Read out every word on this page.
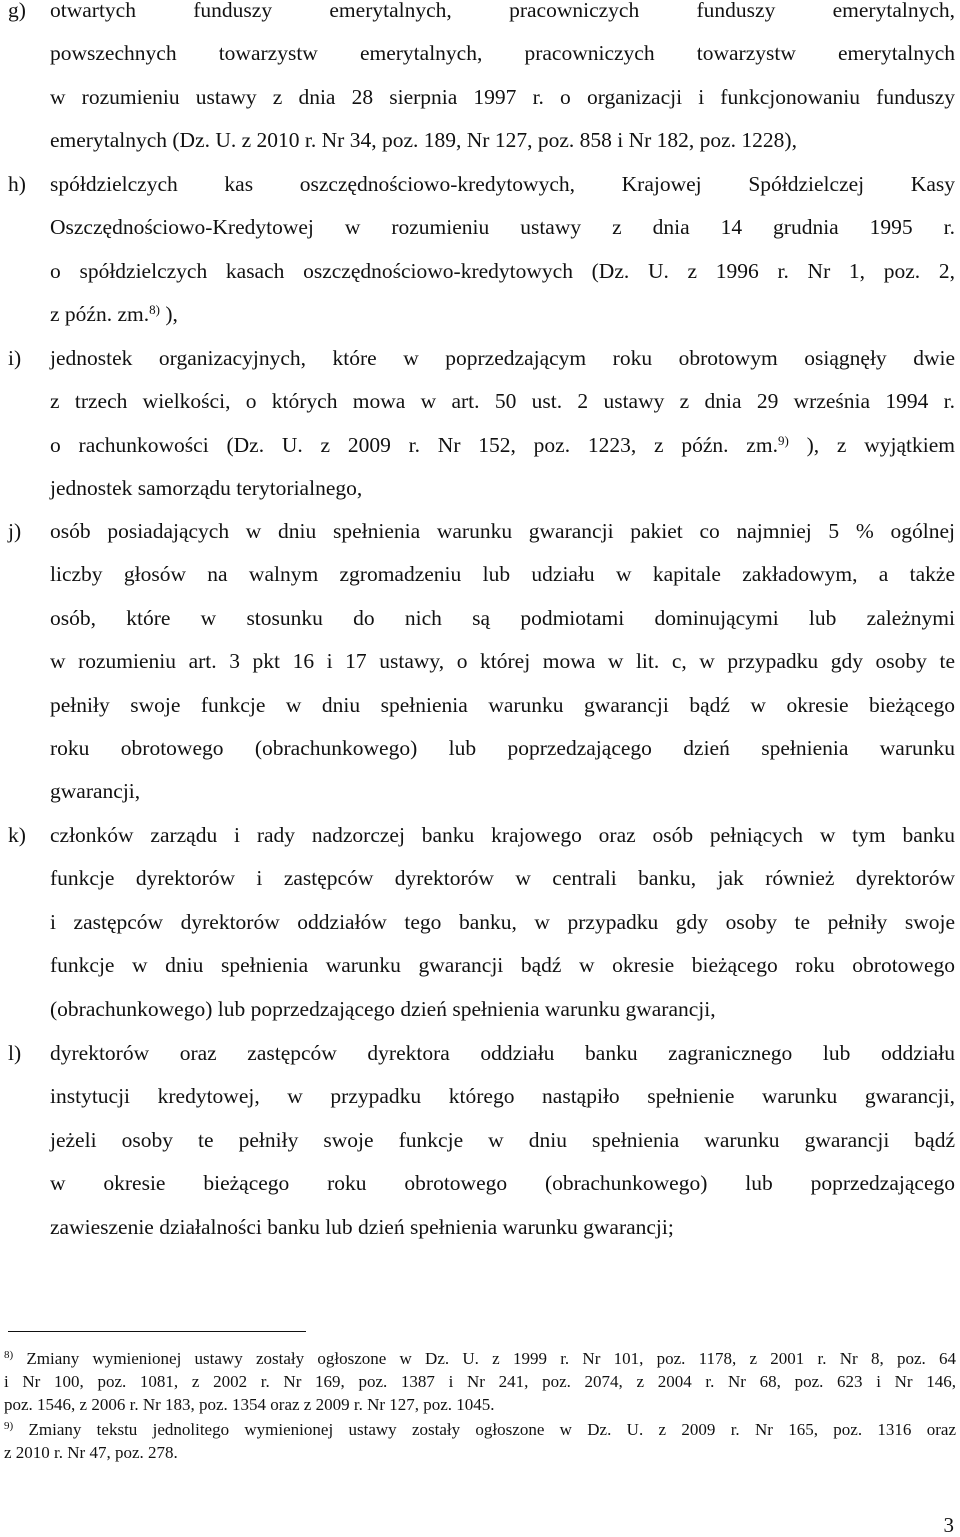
g) otwartych funduszy emerytalnych, pracowniczych funduszy emerytalnych,
powszechnych towarzystw emerytalnych, pracowniczych towarzystw emerytalnych
w rozumieniu ustawy z dnia 28 sierpnia 1997 r. o organizacji i funkcjonowaniu funduszy
emerytalnych (Dz. U. z 2010 r. Nr 34, poz. 189, Nr 127, poz. 858 i Nr 182, poz. 1228),
h) spółdzielczych kas oszczędnościowo-kredytowych, Krajowej Spółdzielczej Kasy
Oszczędnościowo-Kredytowej w rozumieniu ustawy z dnia 14 grudnia 1995 r.
o spółdzielczych kasach oszczędnościowo-kredytowych (Dz. U. z 1996 r. Nr 1, poz. 2,
z późn. zm.$^{8)}$ ),
i) jednostek organizacyjnych, które w poprzedzającym roku obrotowym osiągnęły dwie
z trzech wielkości, o których mowa w art. 50 ust. 2 ustawy z dnia 29 września 1994 r.
o rachunkowości (Dz. U. z 2009 r. Nr 152, poz. 1223, z późn. zm.$^{9)}$ ), z wyjątkiem
jednostek samorządu terytorialnego,
j) osób posiadających w dniu spełnienia warunku gwarancji pakiet co najmniej 5 % ogólnej
liczby głosów na walnym zgromadzeniu lub udziału w kapitale zakładowym, a także
osób, które w stosunku do nich są podmiotami dominującymi lub zależnymi
w rozumieniu art. 3 pkt 16 i 17 ustawy, o której mowa w lit. c, w przypadku gdy osoby te
pełniły swoje funkcje w dniu spełnienia warunku gwarancji bądź w okresie bieżącego
roku obrotowego (obrachunkowego) lub poprzedzającego dzień spełnienia warunku
gwarancji,
k) członków zarządu i rady nadzorczej banku krajowego oraz osób pełniących w tym banku
funkcje dyrektorów i zastępców dyrektorów w centrali banku, jak również dyrektorów
i zastępców dyrektorów oddziałów tego banku, w przypadku gdy osoby te pełniły swoje
funkcje w dniu spełnienia warunku gwarancji bądź w okresie bieżącego roku obrotowego
(obrachunkowego) lub poprzedzającego dzień spełnienia warunku gwarancji,
l) dyrektorów oraz zastępców dyrektora oddziału banku zagranicznego lub oddziału
instytucji kredytowej, w przypadku którego nastąpiło spełnienie warunku gwarancji,
jeżeli osoby te pełniły swoje funkcje w dniu spełnienia warunku gwarancji bądź
w okresie bieżącego roku obrotowego (obrachunkowego) lub poprzedzającego
zawieszenie działalności banku lub dzień spełnienia warunku gwarancji;
$^{8)}$ Zmiany wymienionej ustawy zostały ogłoszone w Dz. U. z 1999 r. Nr 101, poz. 1178, z 2001 r. Nr 8, poz. 64
i Nr 100, poz. 1081, z 2002 r. Nr 169, poz. 1387 i Nr 241, poz. 2074, z 2004 r. Nr 68, poz. 623 i Nr 146,
poz. 1546, z 2006 r. Nr 183, poz. 1354 oraz z 2009 r. Nr 127, poz. 1045.
$^{9)}$ Zmiany tekstu jednolitego wymienionej ustawy zostały ogłoszone w Dz. U. z 2009 r. Nr 165, poz. 1316 oraz
z 2010 r. Nr 47, poz. 278.
3
